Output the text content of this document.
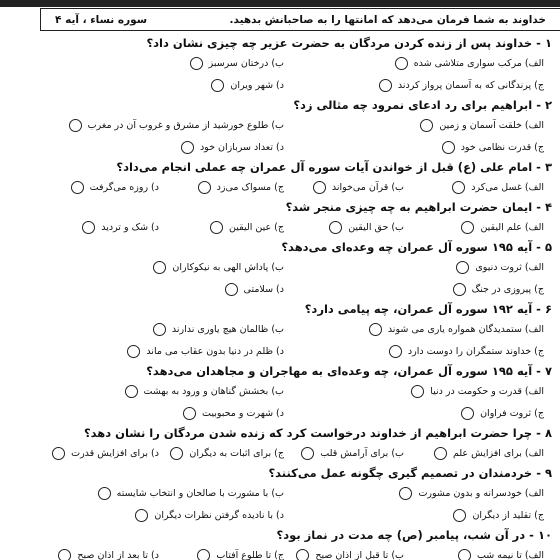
خداوند به شما فرمان می‌دهد که امانتها را به صاحبانش بدهید.
سوره نساء ، آیه ۴
۱ - خداوند پس از زنده کردن مردگان به حضرت عزیر چه چیزی نشان داد؟
الف) مرکب سواری متلاشی شده
ب) درختان سرسبز
ج) پرندگانی که به آسمان پرواز کردند
د) شهر ویران
۲ - ابراهیم برای رد ادعای نمرود چه مثالی زد؟
الف) خلقت آسمان و زمین
ب) طلوع خورشید از مشرق و غروب آن در مغرب
ج) قدرت نظامی خود
د) تعداد سربازان خود
۳ - امام علی (ع) قبل از خواندن آیات سوره آل عمران چه عملی انجام می‌داد؟
الف) غسل می‌کرد
ب) قرآن می‌خواند
ج) مسواک می‌زد
د) روزه می‌گرفت
۴ - ایمان حضرت ابراهیم به چه چیزی منجر شد؟
الف) علم الیقین
ب) حق الیقین
ج) عین الیقین
د) شک و تردید
۵ - آیه ۱۹۵ سوره آل عمران چه وعده‌ای می‌دهد؟
الف) ثروت دنیوی
ب) پاداش الهی به نیکوکاران
ج) پیروزی در جنگ
د) سلامتی
۶ - آیه ۱۹۲ سوره آل عمران، چه پیامی دارد؟
الف) ستمدیدگان همواره یاری می شوند
ب) ظالمان هیچ یاوری ندارند
ج) خداوند ستمگران را دوست دارد
د) ظلم در دنیا بدون عقاب می ماند
۷ - آیه ۱۹۵ سوره آل عمران، چه وعده‌ای به مهاجران و مجاهدان می‌دهد؟
الف) قدرت و حکومت در دنیا
ب) بخشش گناهان و ورود به بهشت
ج) ثروت فراوان
د) شهرت و محبوبیت
۸ - چرا حضرت ابراهیم از خداوند درخواست کرد که زنده شدن مردگان را نشان دهد؟
الف) برای افزایش علم
ب) برای آرامش قلب
ج) برای اثبات به دیگران
د) برای افزایش قدرت
۹ - خردمندان در تصمیم گیری چگونه عمل می‌کنند؟
الف) خودسرانه و بدون مشورت
ب) با مشورت با صالحان و انتخاب شایسته
ج) تقلید از دیگران
د) با نادیده گرفتن نظرات دیگران
۱۰ - در آن شب، پیامبر (ص) چه مدت در نماز بود؟
الف) تا نیمه شب
ب) تا قبل از اذان صبح
ج) تا طلوع آفتاب
د) تا بعد از اذان صبح
